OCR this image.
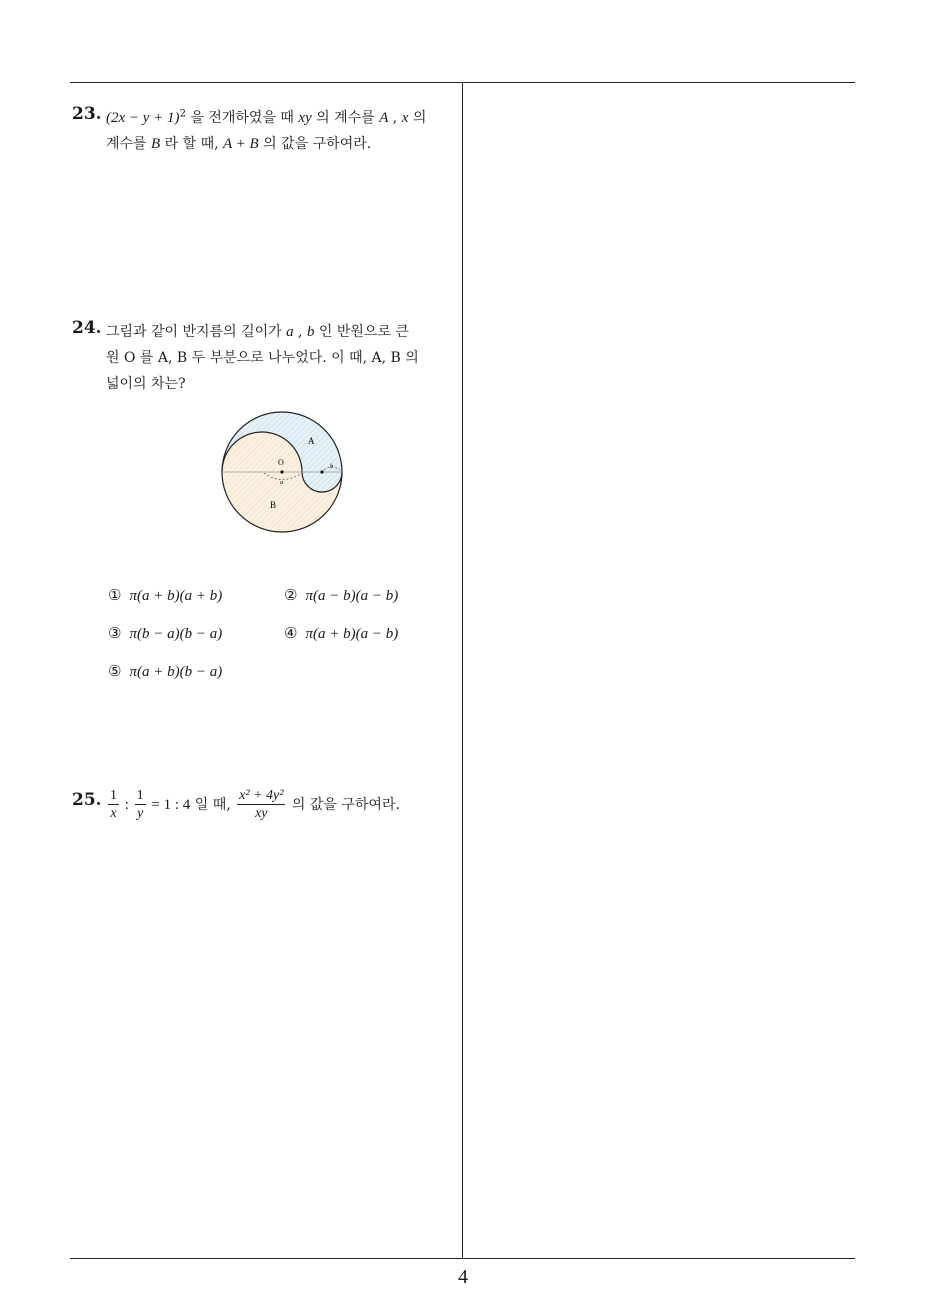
23. $(2x - y + 1)^2$ 을 전개하였을 때 xy 의 계수를 A , x 의
계수를 B 라 할 때, A + B 의 값을 구하여라.
24. 그림과 같이 반지름의 길이가 a , b 인 반원으로 큰
원 O 를 A, B 두 부분으로 나누었다. 이 때, A, B 의
넓이의 차는?
A
B
O
a
b
① π(a + b)(a + b)	② π(a − b)(a − b)
③ π(b − a)(b − a)	④ π(a + b)(a − b)
⑤ π(a + b)(b − a)
25. $\frac{1}{x}$ : $\frac{1}{y} = 1$ : 4 일 때, $\frac{\text{x² + 4y²}}{xy}$ 의 값을 구하여라.
4
